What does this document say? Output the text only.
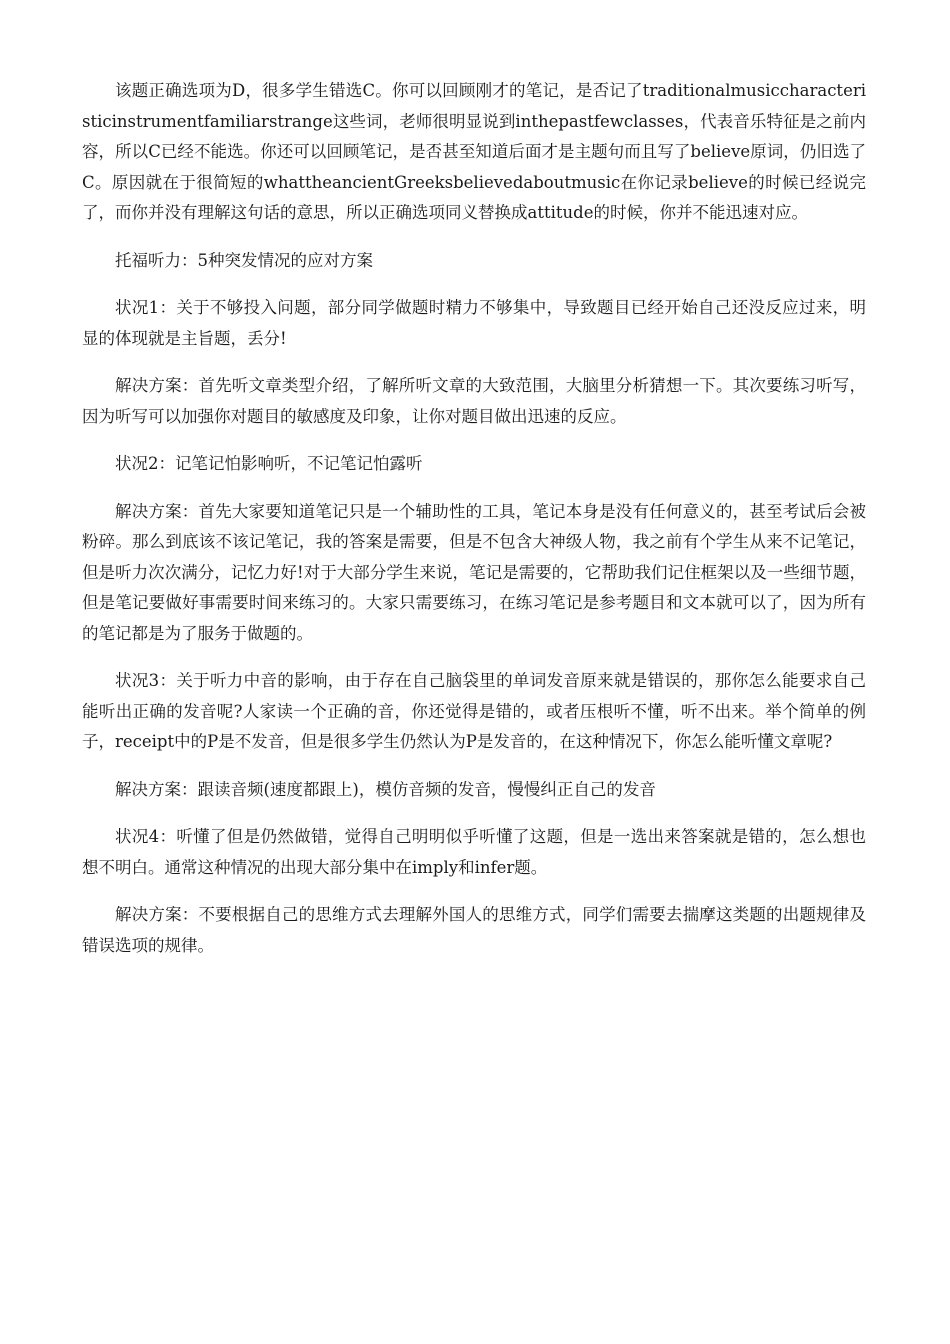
该题正确选项为D，很多学生错选C。你可以回顾刚才的笔记，是否记了traditionalmusiccharacteristicinstrumentfamiliarstrange这些词，老师很明显说到inthepastfewclasses，代表音乐特征是之前内容，所以C已经不能选。你还可以回顾笔记，是否甚至知道后面才是主题句而且写了believe原词，仍旧选了C。原因就在于很简短的whattheancientGreeksbelievedaboutmusic在你记录believe的时候已经说完了，而你并没有理解这句话的意思，所以正确选项同义替换成attitude的时候，你并不能迅速对应。

托福听力：5种突发情况的应对方案

状况1：关于不够投入问题，部分同学做题时精力不够集中，导致题目已经开始自己还没反应过来，明显的体现就是主旨题，丢分!

解决方案：首先听文章类型介绍，了解所听文章的大致范围，大脑里分析猜想一下。其次要练习听写，因为听写可以加强你对题目的敏感度及印象，让你对题目做出迅速的反应。

状况2：记笔记怕影响听，不记笔记怕露听

解决方案：首先大家要知道笔记只是一个辅助性的工具，笔记本身是没有任何意义的，甚至考试后会被粉碎。那么到底该不该记笔记，我的答案是需要，但是不包含大神级人物，我之前有个学生从来不记笔记，但是听力次次满分，记忆力好!对于大部分学生来说，笔记是需要的，它帮助我们记住框架以及一些细节题，但是笔记要做好事需要时间来练习的。大家只需要练习，在练习笔记是参考题目和文本就可以了，因为所有的笔记都是为了服务于做题的。

状况3：关于听力中音的影响，由于存在自己脑袋里的单词发音原来就是错误的，那你怎么能要求自己能听出正确的发音呢?人家读一个正确的音，你还觉得是错的，或者压根听不懂，听不出来。举个简单的例子，receipt中的P是不发音，但是很多学生仍然认为P是发音的，在这种情况下，你怎么能听懂文章呢?

解决方案：跟读音频(速度都跟上)，模仿音频的发音，慢慢纠正自己的发音

状况4：听懂了但是仍然做错，觉得自己明明似乎听懂了这题，但是一选出来答案就是错的，怎么想也想不明白。通常这种情况的出现大部分集中在imply和infer题。

解决方案：不要根据自己的思维方式去理解外国人的思维方式，同学们需要去揣摩这类题的出题规律及错误选项的规律。
